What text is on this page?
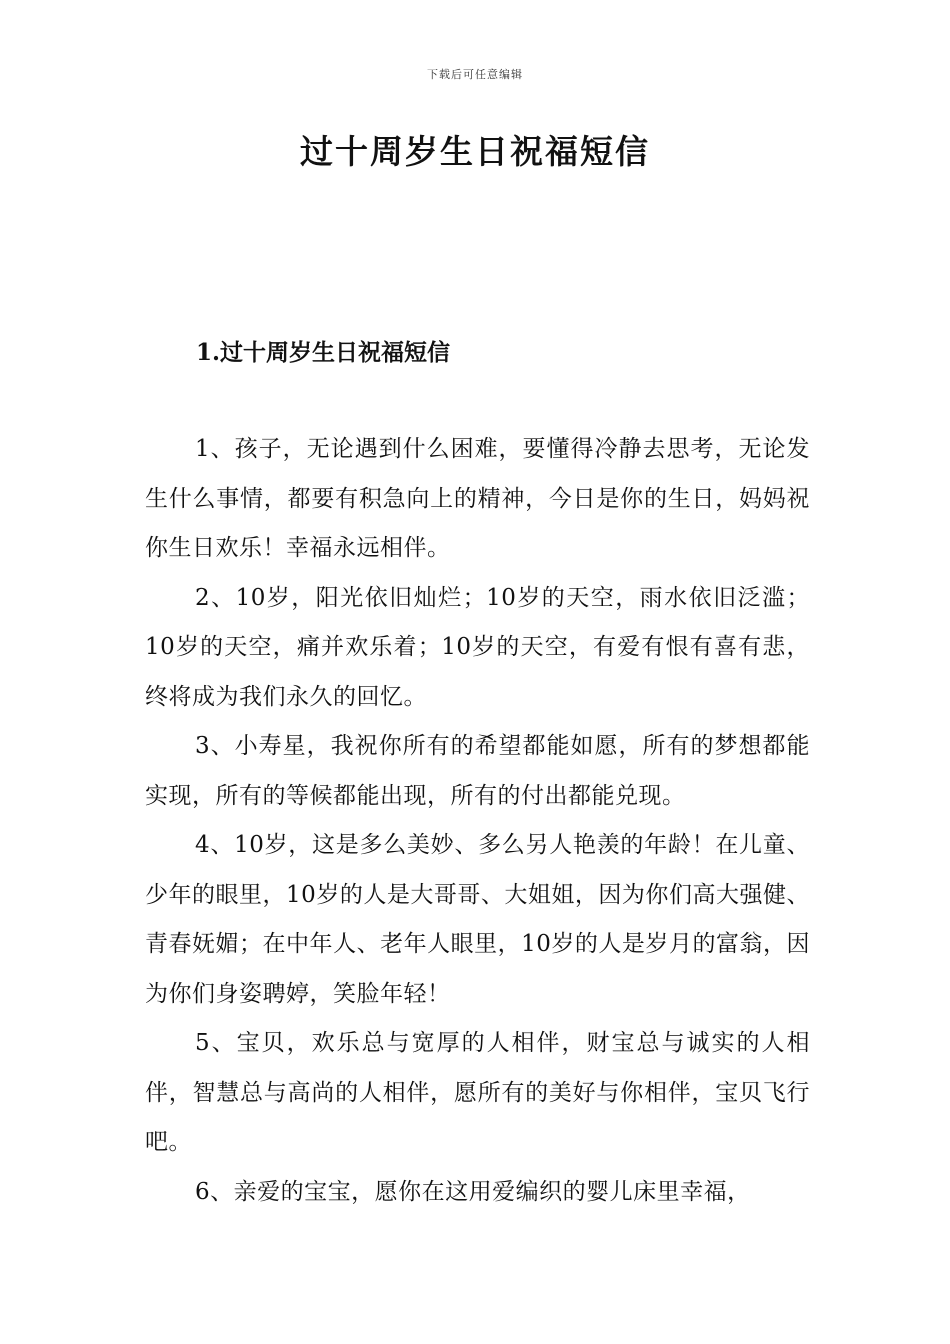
下载后可任意编辑
过十周岁生日祝福短信
1.过十周岁生日祝福短信

1、孩子，无论遇到什么困难，要懂得冷静去思考，无论发生什么事情，都要有积急向上的精神，今日是你的生日，妈妈祝你生日欢乐！幸福永远相伴。

2、10岁，阳光依旧灿烂；10岁的天空，雨水依旧泛滥；10岁的天空，痛并欢乐着；10岁的天空，有爱有恨有喜有悲，终将成为我们永久的回忆。

3、小寿星，我祝你所有的希望都能如愿，所有的梦想都能实现，所有的等候都能出现，所有的付出都能兑现。

4、10岁，这是多么美妙、多么另人艳羡的年龄！在儿童、少年的眼里，10岁的人是大哥哥、大姐姐，因为你们高大强健、青春妩媚；在中年人、老年人眼里，10岁的人是岁月的富翁，因为你们身姿聘婷，笑脸年轻！

5、宝贝，欢乐总与宽厚的人相伴，财宝总与诚实的人相伴，智慧总与高尚的人相伴，愿所有的美好与你相伴，宝贝飞行吧。

6、亲爱的宝宝，愿你在这用爱编织的婴儿床里幸福，
